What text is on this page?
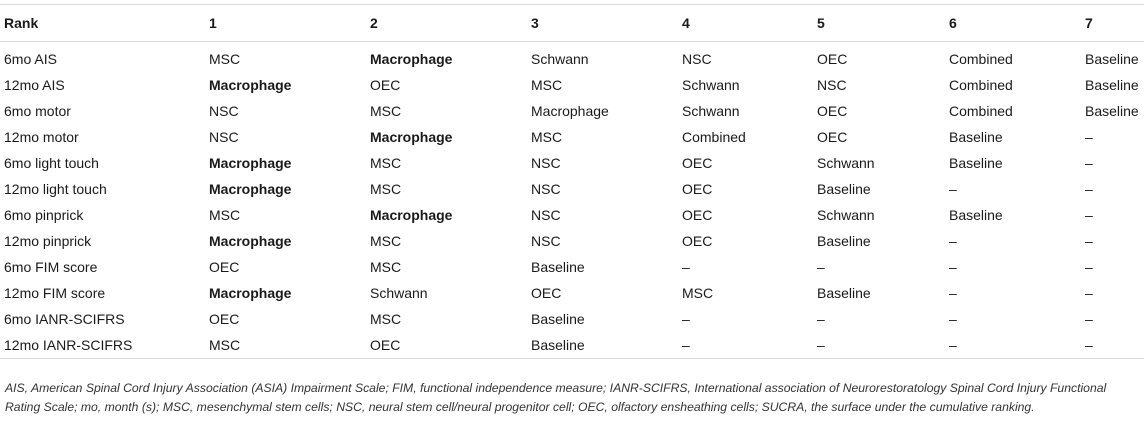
Rank	1	2	3	4	5	6	7
6mo AIS	MSC	Macrophage	Schwann	NSC	OEC	Combined	Baseline
12mo AIS	Macrophage	OEC	MSC	Schwann	NSC	Combined	Baseline
6mo motor	NSC	MSC	Macrophage	Schwann	OEC	Combined	Baseline
12mo motor	NSC	Macrophage	MSC	Combined	OEC	Baseline	–
6mo light touch	Macrophage	MSC	NSC	OEC	Schwann	Baseline	–
12mo light touch	Macrophage	MSC	NSC	OEC	Baseline	–	–
6mo pinprick	MSC	Macrophage	NSC	OEC	Schwann	Baseline	–
12mo pinprick	Macrophage	MSC	NSC	OEC	Baseline	–	–
6mo FIM score	OEC	MSC	Baseline	–	–	–	–
12mo FIM score	Macrophage	Schwann	OEC	MSC	Baseline	–	–
6mo IANR-SCIFRS	OEC	MSC	Baseline	–	–	–	–
12mo IANR-SCIFRS	MSC	OEC	Baseline	–	–	–	–
AIS, American Spinal Cord Injury Association (ASIA) Impairment Scale; FIM, functional independence measure; IANR-SCIFRS, International association of Neurorestoratology Spinal Cord Injury Functional Rating Scale; mo, month (s); MSC, mesenchymal stem cells; NSC, neural stem cell/neural progenitor cell; OEC, olfactory ensheathing cells; SUCRA, the surface under the cumulative ranking.
